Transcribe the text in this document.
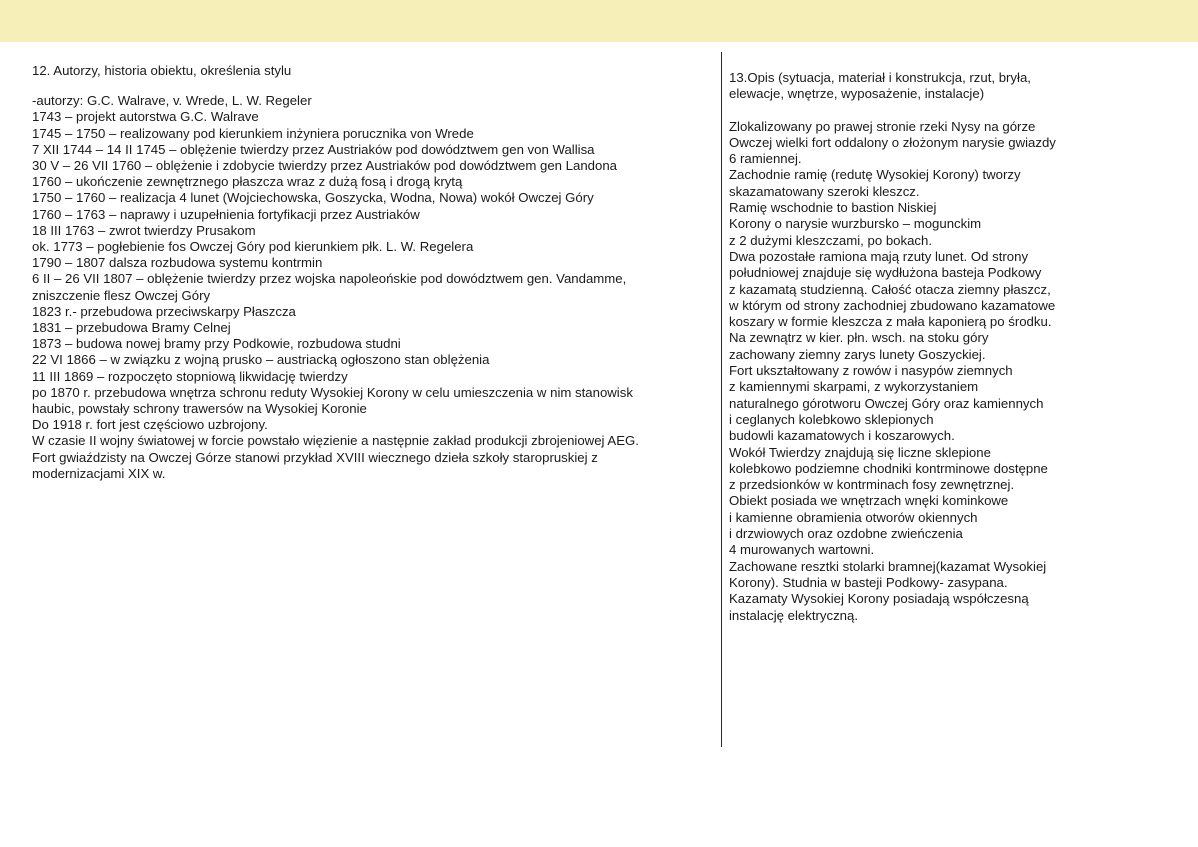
12. Autorzy, historia obiektu, określenia stylu
-autorzy: G.C. Walrave, v. Wrede, L. W. Regeler
1743 – projekt autorstwa G.C. Walrave
1745 – 1750 – realizowany pod kierunkiem inżyniera porucznika von Wrede
7 XII 1744 – 14 II 1745 – oblężenie twierdzy przez Austriaków pod dowództwem gen von Wallisa
30 V – 26 VII 1760 – oblężenie i zdobycie twierdzy przez Austriaków pod dowództwem gen Landona
1760 – ukończenie zewnętrznego płaszcza wraz z dużą fosą i drogą krytą
1750 – 1760 – realizacja 4 lunet (Wojciechowska, Goszycka, Wodna, Nowa) wokół Owczej Góry
1760 – 1763 – naprawy i uzupełnienia fortyfikacji przez Austriaków
18 III 1763 – zwrot twierdzy Prusakom
ok. 1773 – pogłebienie fos Owczej Góry pod kierunkiem płk. L. W. Regelera
1790 – 1807 dalsza rozbudowa systemu kontrmin
6 II – 26 VII 1807 – oblężenie twierdzy przez wojska napoleońskie pod dowództwem gen. Vandamme,
zniszczenie flesz Owczej Góry
1823 r.- przebudowa przeciwskarpy Płaszcza
1831 – przebudowa Bramy Celnej
1873 – budowa nowej bramy przy Podkowie, rozbudowa studni
22 VI 1866 – w związku z wojną prusko – austriacką ogłoszono stan oblężenia
11 III 1869 – rozpoczęto stopniową likwidację twierdzy
po 1870 r. przebudowa wnętrza schronu reduty Wysokiej Korony w celu umieszczenia w nim stanowisk
haubic, powstały schrony trawersów na Wysokiej Koronie
Do 1918 r. fort jest częściowo uzbrojony.
W czasie II wojny światowej w forcie powstało więzienie a następnie zakład produkcji zbrojeniowej AEG.
Fort gwiaździsty na Owczej Górze stanowi przykład XVIII wiecznego dzieła szkoły staropruskiej z
modernizacjami XIX w.
13.Opis (sytuacja, materiał i konstrukcja, rzut, bryła,
elewacje, wnętrze, wyposażenie, instalacje)
Zlokalizowany po prawej stronie rzeki Nysy na górze
Owczej wielki fort oddalony o złożonym narysie gwiazdy
6 ramiennej.
Zachodnie ramię (redutę Wysokiej Korony) tworzy
skazamatowany szeroki kleszcz.
Ramię wschodnie to bastion Niskiej
Korony o narysie wurzbursko – mogunckim
z 2 dużymi kleszczami, po bokach.
Dwa pozostałe ramiona mają rzuty lunet. Od strony
południowej znajduje się wydłużona basteja Podkowy
z kazamatą studzienną. Całość otacza ziemny płaszcz,
w którym od strony zachodniej zbudowano kazamatowe
koszary w formie kleszcza z mała kaponierą po środku.
Na zewnątrz w kier. płn. wsch. na stoku góry
zachowany ziemny zarys lunety Goszyckiej.
Fort ukształtowany z rowów i nasypów ziemnych
z kamiennymi skarpami, z wykorzystaniem
naturalnego górotworu Owczej Góry oraz kamiennych
i ceglanych kolebkowo sklepionych
budowli kazamatowych i koszarowych.
Wokół Twierdzy znajdują się liczne sklepione
kolebkowo podziemne chodniki kontrminowe dostępne
z przedsionków w kontrminach fosy zewnętrznej.
Obiekt posiada we wnętrzach wnęki kominkowe
i kamienne obramienia otworów okiennych
i drzwiowych oraz ozdobne zwieńczenia
4 murowanych wartowni.
Zachowane resztki stolarki bramnej(kazamat Wysokiej
Korony). Studnia w basteji Podkowy- zasypana.
Kazamaty Wysokiej Korony posiadają współczesną
instalację elektryczną.
